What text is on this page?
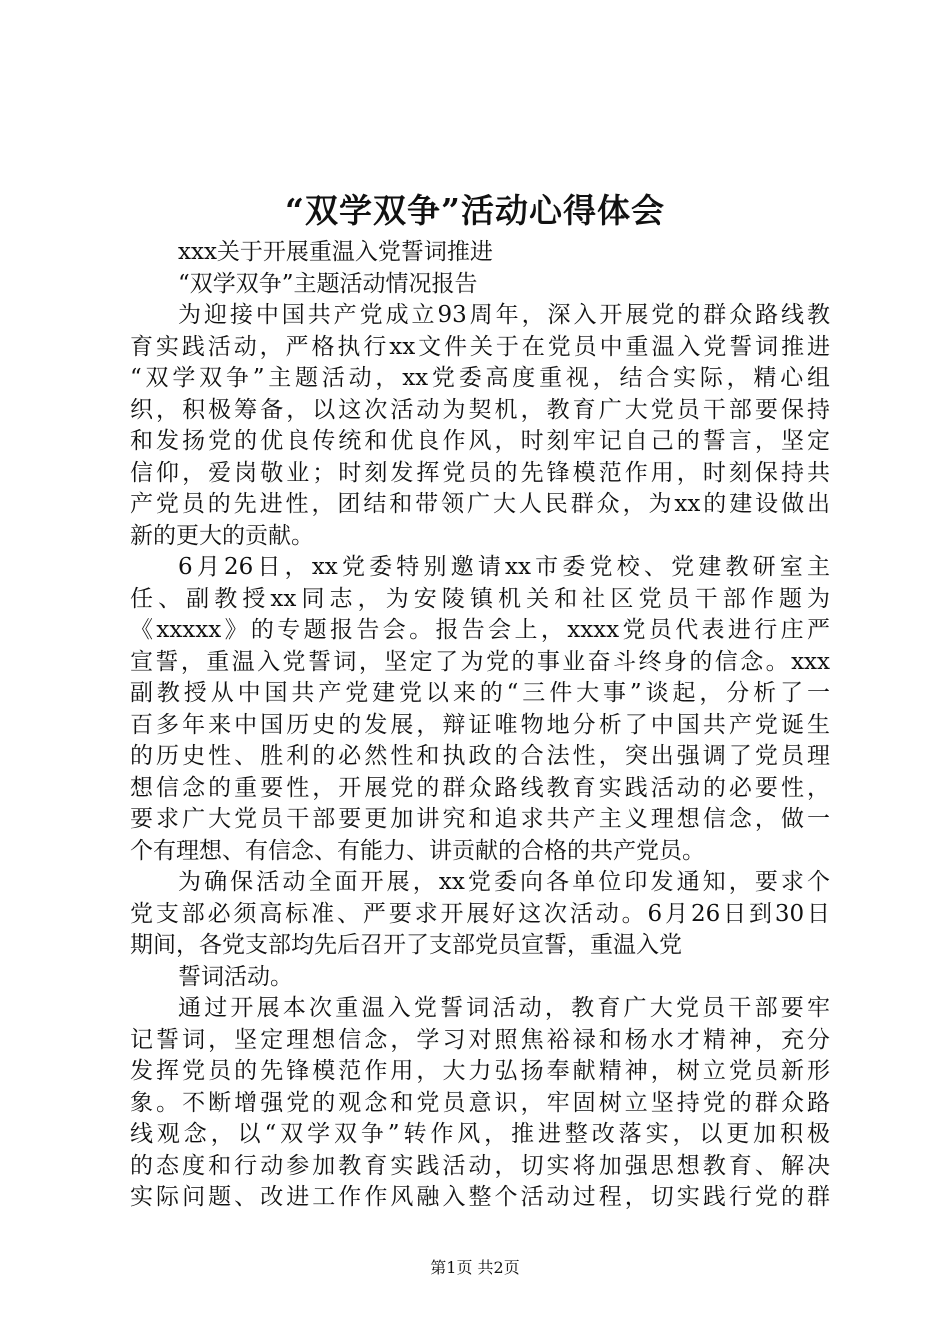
“双学双争”活动心得体会
xxx关于开展重温入党誓词推进
“双学双争”主题活动情况报告
为迎接中国共产党成立93周年，深入开展党的群众路线教
育实践活动，严格执行xx文件关于在党员中重温入党誓词推进
“双学双争”主题活动，xx党委高度重视，结合实际，精心组
织，积极筹备，以这次活动为契机，教育广大党员干部要保持
和发扬党的优良传统和优良作风，时刻牢记自己的誓言，坚定
信仰，爱岗敬业；时刻发挥党员的先锋模范作用，时刻保持共
产党员的先进性，团结和带领广大人民群众，为xx的建设做出
新的更大的贡献。
6月26日，xx党委特别邀请xx市委党校、党建教研室主
任、副教授xx同志，为安陵镇机关和社区党员干部作题为
《xxxxx》的专题报告会。报告会上，xxxx党员代表进行庄严
宣誓，重温入党誓词，坚定了为党的事业奋斗终身的信念。xxx
副教授从中国共产党建党以来的“三件大事”谈起，分析了一
百多年来中国历史的发展，辩证唯物地分析了中国共产党诞生
的历史性、胜利的必然性和执政的合法性，突出强调了党员理
想信念的重要性，开展党的群众路线教育实践活动的必要性，
要求广大党员干部要更加讲究和追求共产主义理想信念，做一
个有理想、有信念、有能力、讲贡献的合格的共产党员。
为确保活动全面开展，xx党委向各单位印发通知，要求个
党支部必须高标准、严要求开展好这次活动。6月26日到30日
期间，各党支部均先后召开了支部党员宣誓，重温入党
誓词活动。
通过开展本次重温入党誓词活动，教育广大党员干部要牢
记誓词，坚定理想信念，学习对照焦裕禄和杨水才精神，充分
发挥党员的先锋模范作用，大力弘扬奉献精神，树立党员新形
象。不断增强党的观念和党员意识，牢固树立坚持党的群众路
线观念，以“双学双争”转作风，推进整改落实，以更加积极
的态度和行动参加教育实践活动，切实将加强思想教育、解决
实际问题、改进工作作风融入整个活动过程，切实践行党的群
第1页 共2页
